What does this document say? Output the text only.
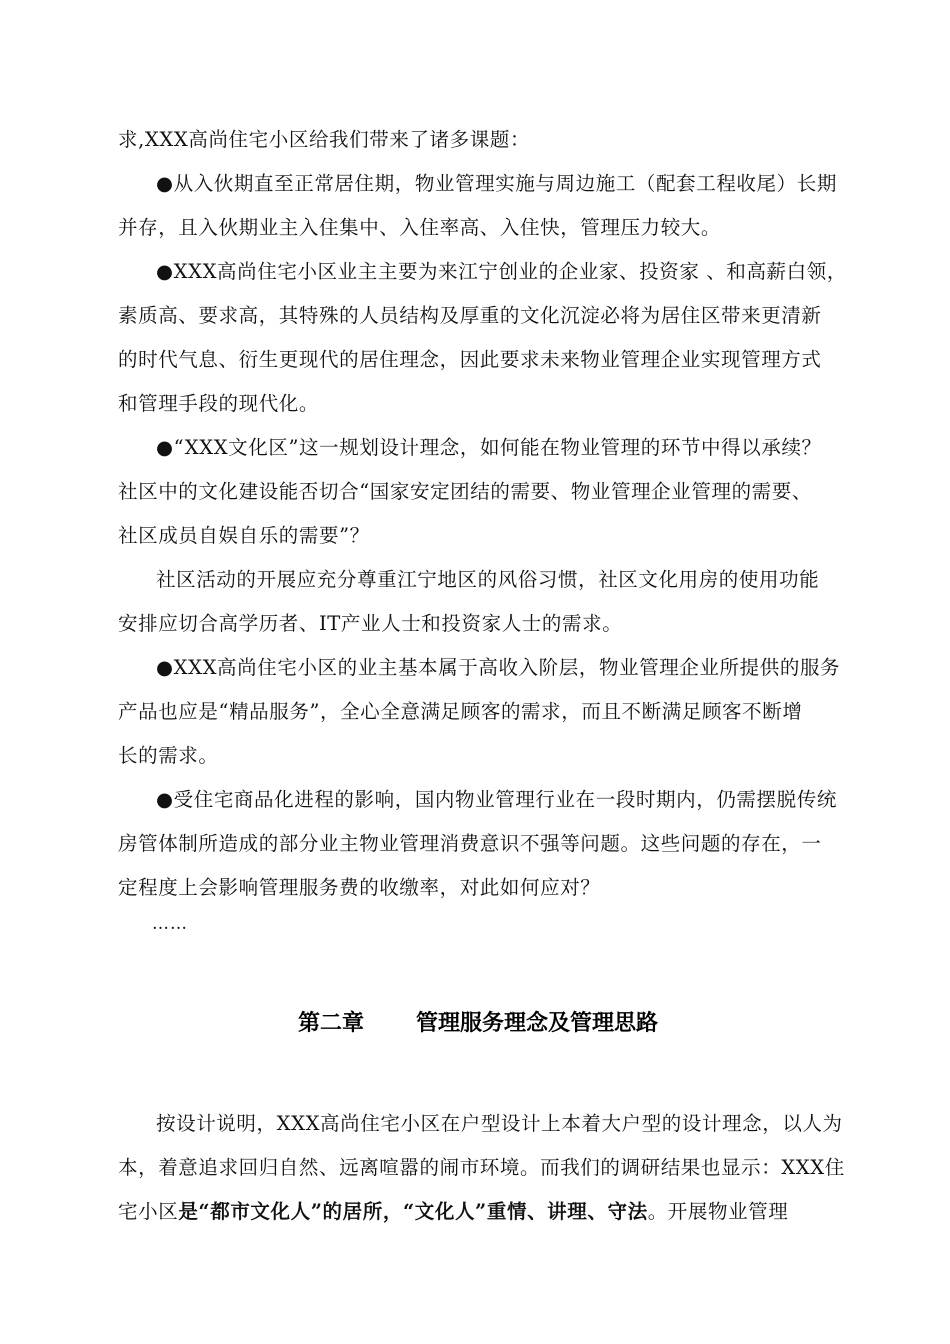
求,XXX高尚住宅小区给我们带来了诸多课题：
●从入伙期直至正常居住期，物业管理实施与周边施工（配套工程收尾）长期
并存，且入伙期业主入住集中、入住率高、入住快，管理压力较大。
●XXX高尚住宅小区业主主要为来江宁创业的企业家、投资家 、和高薪白领，
素质高、要求高，其特殊的人员结构及厚重的文化沉淀必将为居住区带来更清新
的时代气息、衍生更现代的居住理念，因此要求未来物业管理企业实现管理方式
和管理手段的现代化。
●“XXX文化区”这一规划设计理念，如何能在物业管理的环节中得以承续？
社区中的文化建设能否切合“国家安定团结的需要、物业管理企业管理的需要、
社区成员自娱自乐的需要”？
社区活动的开展应充分尊重江宁地区的风俗习惯，社区文化用房的使用功能
安排应切合高学历者、IT产业人士和投资家人士的需求。
●XXX高尚住宅小区的业主基本属于高收入阶层，物业管理企业所提供的服务
产品也应是“精品服务”，全心全意满足顾客的需求，而且不断满足顾客不断增
长的需求。
●受住宅商品化进程的影响，国内物业管理行业在一段时期内，仍需摆脱传统
房管体制所造成的部分业主物业管理消费意识不强等问题。这些问题的存在，一
定程度上会影响管理服务费的收缴率，对此如何应对？
……
第二章 管理服务理念及管理思路
按设计说明，XXX高尚住宅小区在户型设计上本着大户型的设计理念，以人为
本，着意追求回归自然、远离喧嚣的闹市环境。而我们的调研结果也显示：XXX住
宅小区是“都市文化人”的居所，“文化人”重情、讲理、守法。开展物业管理
